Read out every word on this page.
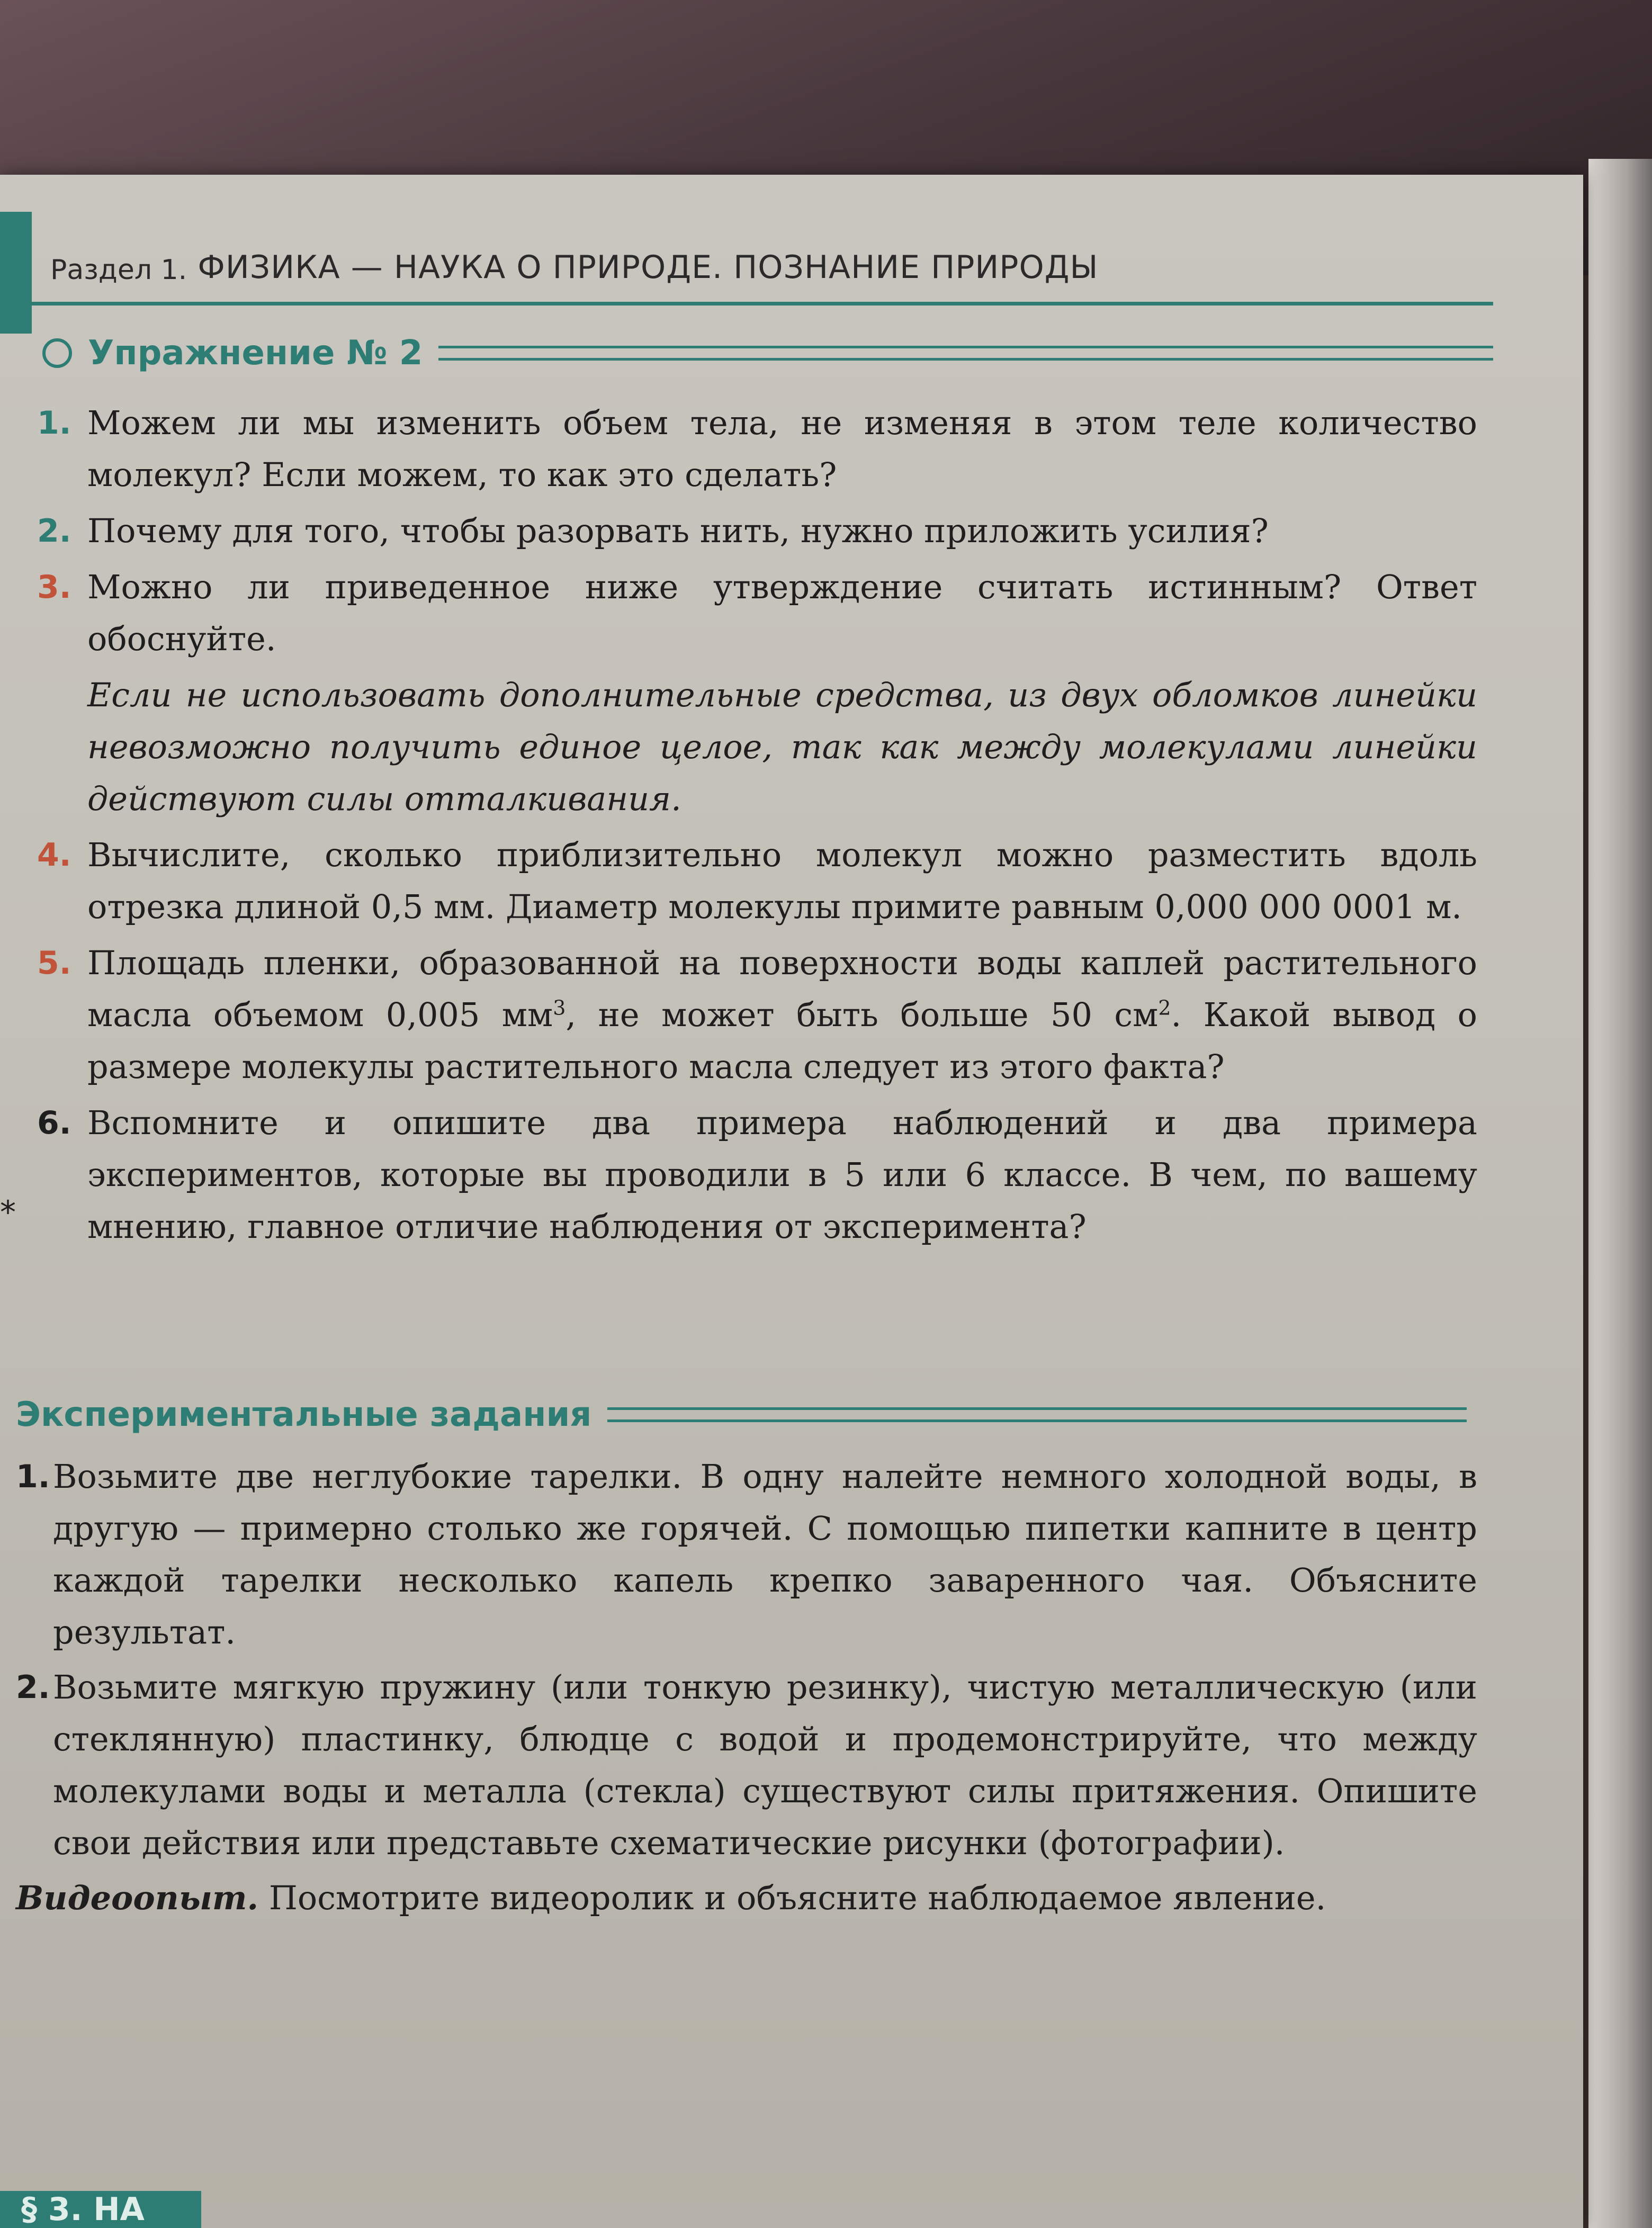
Раздел 1. ФИЗИКА — НАУКА О ПРИРОДЕ. ПОЗНАНИЕ ПРИРОДЫ
Упражнение № 2
1. Можем ли мы изменить объем тела, не изменяя в этом теле количество молекул? Если можем, то как это сделать?
2. Почему для того, чтобы разорвать нить, нужно приложить усилия?
3. Можно ли приведенное ниже утверждение считать истинным? Ответ обоснуйте.
Если не использовать дополнительные средства, из двух обломков линейки невозможно получить единое целое, так как между молекулами линейки действуют силы отталкивания.
4. Вычислите, сколько приблизительно молекул можно разместить вдоль отрезка длиной 0,5 мм. Диаметр молекулы примите равным 0,000 000 0001 м.
5. Площадь пленки, образованной на поверхности воды каплей растительного масла объемом 0,005 $мм^3$, не может быть больше 50 $см^2$. Какой вывод о размере молекулы растительного масла следует из этого факта?
6. Вспомните и опишите два примера наблюдений и два примера экспериментов, которые вы проводили в 5 или 6 классе. В чем, по вашему мнению, главное отличие наблюдения от эксперимента?
*
Экспериментальные задания
1. Возьмите две неглубокие тарелки. В одну налейте немного холодной воды, в другую — примерно столько же горячей. С помощью пипетки капните в центр каждой тарелки несколько капель крепко заваренного чая. Объясните результат.
2. Возьмите мягкую пружину (или тонкую резинку), чистую металлическую (или стеклянную) пластинку, блюдце с водой и продемонстрируйте, что между молекулами воды и металла (стекла) существуют силы притяжения. Опишите свои действия или представьте схематические рисунки (фотографии).
Видеоопыт. Посмотрите видеоролик и объясните наблюдаемое явление.
§ 3. НА
